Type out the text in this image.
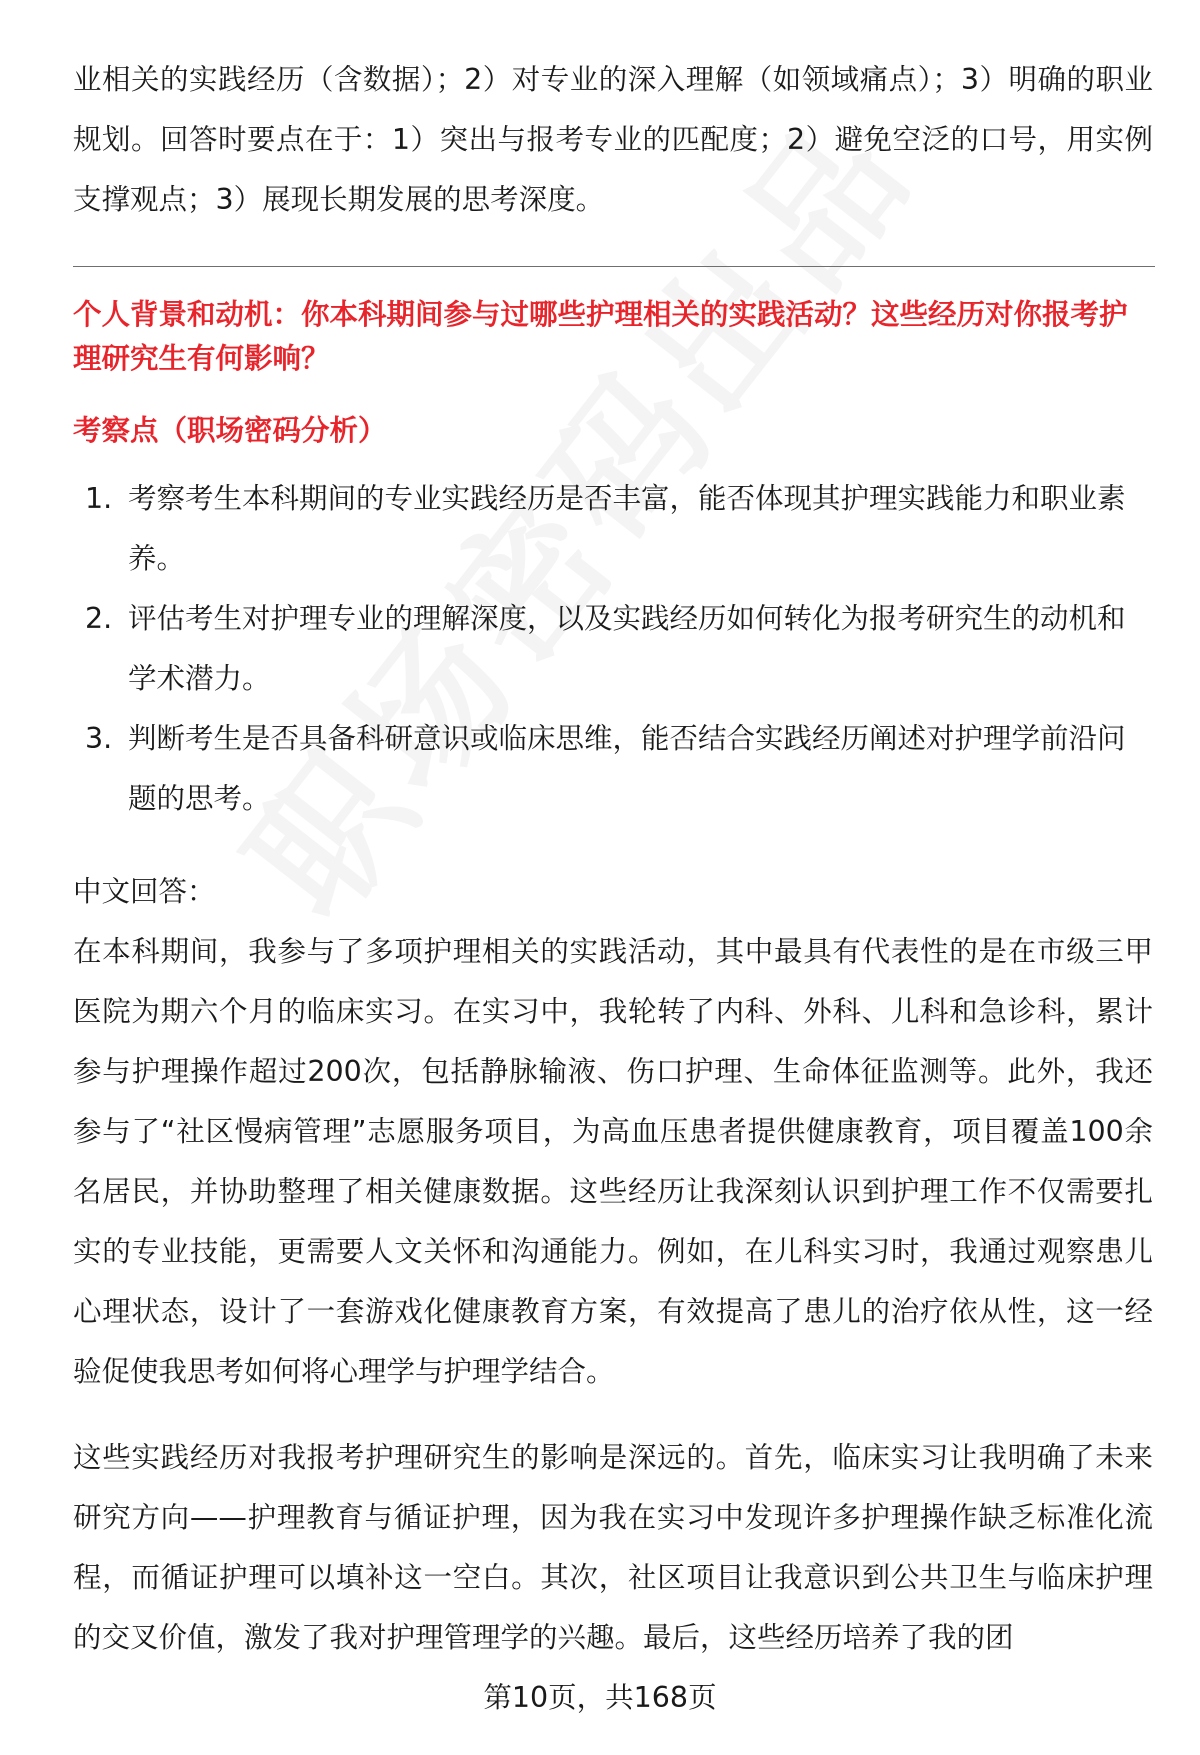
业相关的实践经历（含数据）；2）对专业的深入理解（如领域痛点）；3）明确的职业规划。回答时要点在于：1）突出与报考专业的匹配度；2）避免空泛的口号，用实例支撑观点；3）展现长期发展的思考深度。

个人背景和动机：你本科期间参与过哪些护理相关的实践活动？这些经历对你报考护理研究生有何影响？

考察点（职场密码分析）

1. 考察考生本科期间的专业实践经历是否丰富，能否体现其护理实践能力和职业素养。
2. 评估考生对护理专业的理解深度，以及实践经历如何转化为报考研究生的动机和学术潜力。
3. 判断考生是否具备科研意识或临床思维，能否结合实践经历阐述对护理学前沿问题的思考。

中文回答：

在本科期间，我参与了多项护理相关的实践活动，其中最具有代表性的是在市级三甲医院为期六个月的临床实习。在实习中，我轮转了内科、外科、儿科和急诊科，累计参与护理操作超过200次，包括静脉输液、伤口护理、生命体征监测等。此外，我还参与了“社区慢病管理”志愿服务项目，为高血压患者提供健康教育，项目覆盖100余名居民，并协助整理了相关健康数据。这些经历让我深刻认识到护理工作不仅需要扎实的专业技能，更需要人文关怀和沟通能力。例如，在儿科实习时，我通过观察患儿心理状态，设计了一套游戏化健康教育方案，有效提高了患儿的治疗依从性，这一经验促使我思考如何将心理学与护理学结合。

这些实践经历对我报考护理研究生的影响是深远的。首先，临床实习让我明确了未来研究方向——护理教育与循证护理，因为我在实习中发现许多护理操作缺乏标准化流程，而循证护理可以填补这一空白。其次，社区项目让我意识到公共卫生与临床护理的交叉价值，激发了我对护理管理学的兴趣。最后，这些经历培养了我的团

第10页，共168页
